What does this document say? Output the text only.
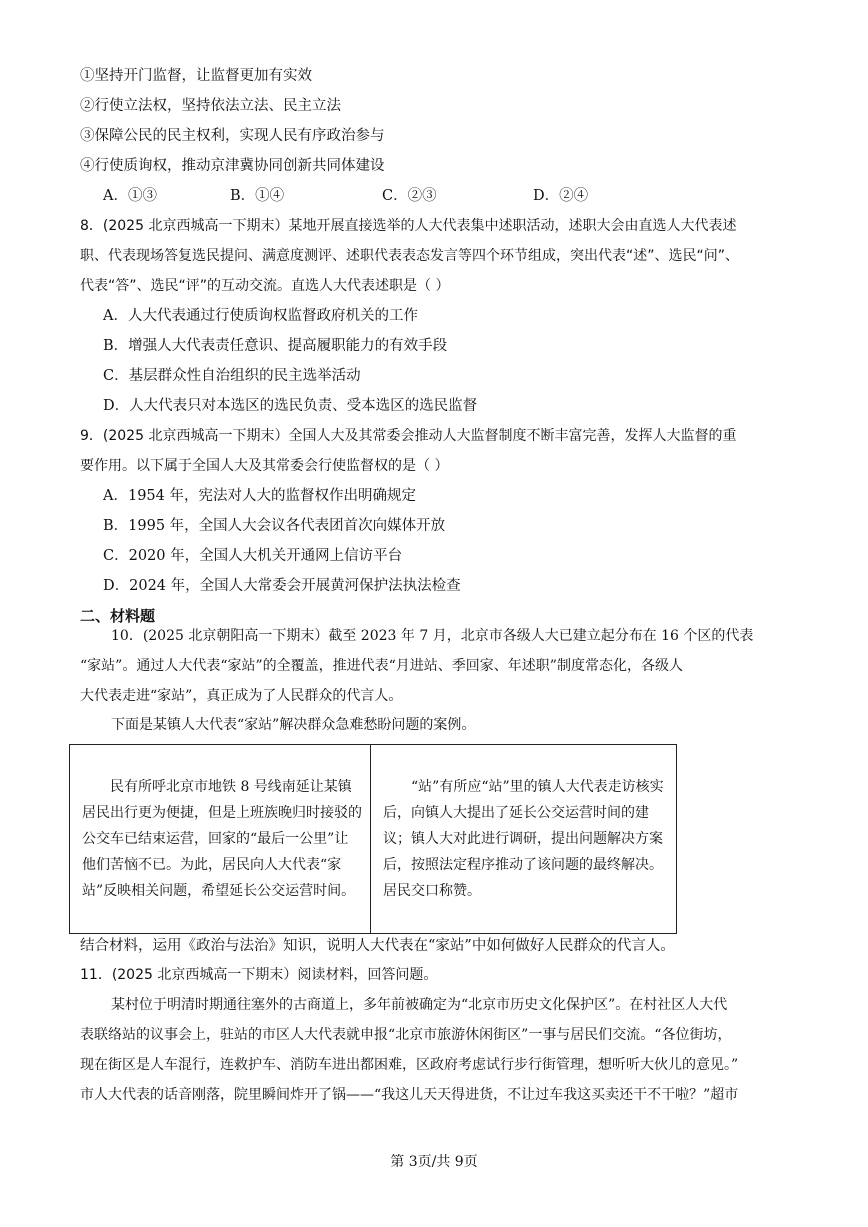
①坚持开门监督，让监督更加有实效
②行使立法权，坚持依法立法、民主立法
③保障公民的民主权利，实现人民有序政治参与
④行使质询权，推动京津冀协同创新共同体建设
A．①③	B．①④	C．②③	D．②④
8．(2025 北京西城高一下期末）某地开展直接选举的人大代表集中述职活动，述职大会由直选人大代表述
职、代表现场答复选民提问、满意度测评、述职代表表态发言等四个环节组成，突出代表“述”、选民“问”、
代表“答”、选民“评”的互动交流。直选人大代表述职是（ ）
A．人大代表通过行使质询权监督政府机关的工作
B．增强人大代表责任意识、提高履职能力的有效手段
C．基层群众性自治组织的民主选举活动
D．人大代表只对本选区的选民负责、受本选区的选民监督
9．(2025 北京西城高一下期末）全国人大及其常委会推动人大监督制度不断丰富完善，发挥人大监督的重
要作用。以下属于全国人大及其常委会行使监督权的是（ ）
A．1954 年，宪法对人大的监督权作出明确规定
B．1995 年，全国人大会议各代表团首次向媒体开放
C．2020 年，全国人大机关开通网上信访平台
D．2024 年，全国人大常委会开展黄河保护法执法检查
二、材料题
10．(2025 北京朝阳高一下期末）截至 2023 年 7 月，北京市各级人大已建立起分布在 16 个区的代表
“家站”。通过人大代表“家站”的全覆盖，推进代表“月进站、季回家、年述职”制度常态化，各级人
大代表走进“家站”，真正成为了人民群众的代言人。
下面是某镇人大代表“家站”解决群众急难愁盼问题的案例。

民有所呼北京市地铁 8 号线南延让某镇居民出行更为便捷，但是上班族晚归时接驳的公交车已结束运营，回家的“最后一公里”让他们苦恼不已。为此，居民向人大代表“家站”反映相关问题，希望延长公交运营时间。

“站”有所应“站”里的镇人大代表走访核实后，向镇人大提出了延长公交运营时间的建议；镇人大对此进行调研，提出问题解决方案后，按照法定程序推动了该问题的最终解决。居民交口称赞。

结合材料，运用《政治与法治》知识，说明人大代表在“家站”中如何做好人民群众的代言人。
11．(2025 北京西城高一下期末）阅读材料，回答问题。
某村位于明清时期通往塞外的古商道上，多年前被确定为“北京市历史文化保护区”。在村社区人大代
表联络站的议事会上，驻站的市区人大代表就申报“北京市旅游休闲街区”一事与居民们交流。“各位街坊，
现在街区是人车混行，连救护车、消防车进出都困难，区政府考虑试行步行街管理，想听听大伙儿的意见。”
市人大代表的话音刚落，院里瞬间炸开了锅——“我这儿天天得进货，不让过车我这买卖还干不干啦？”超市
第 3页/共 9页
